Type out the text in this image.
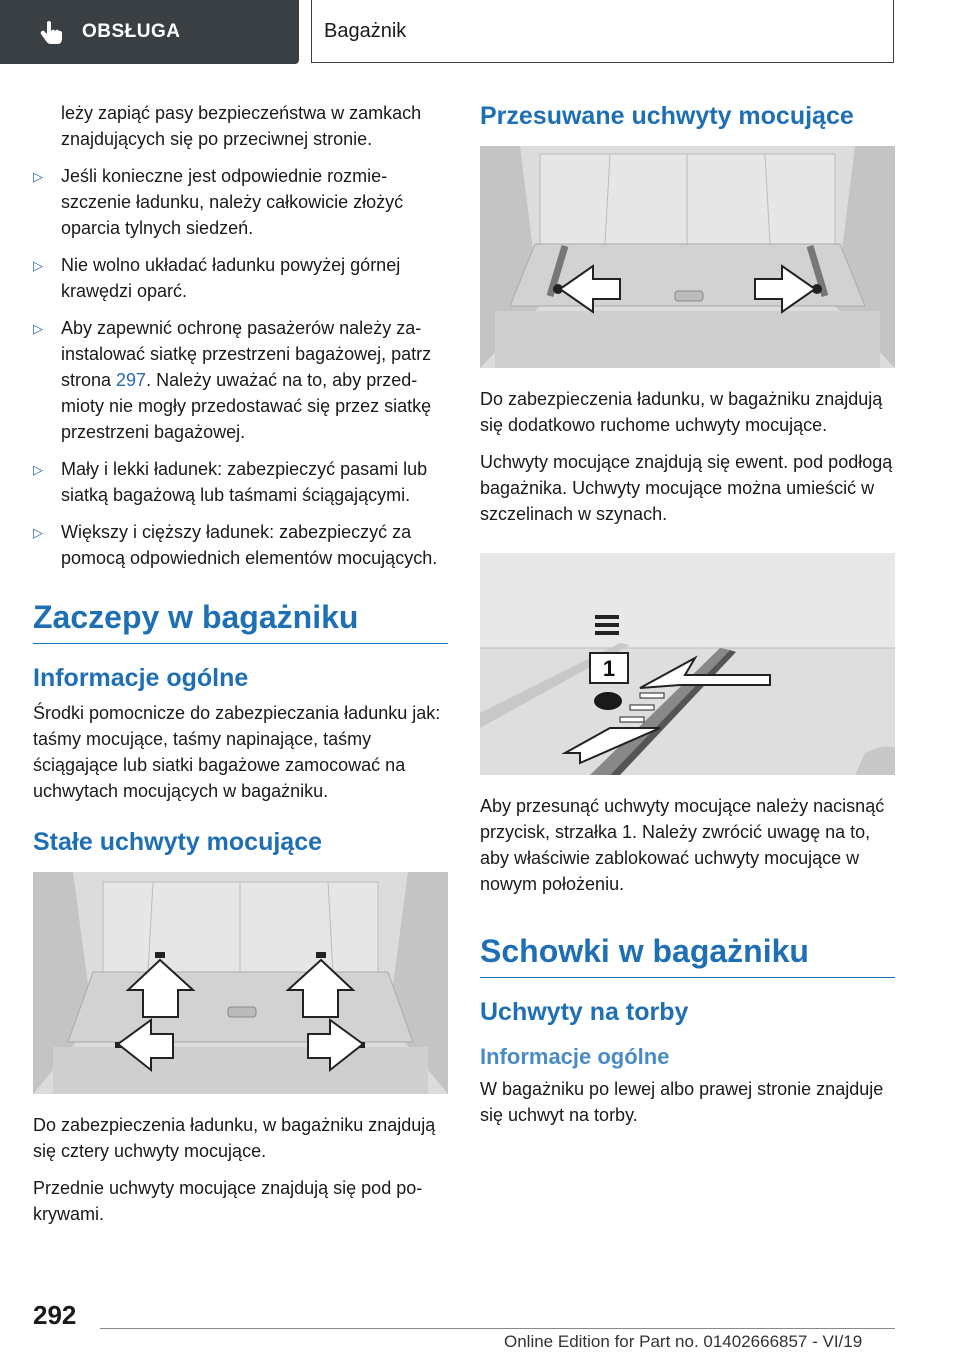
OBSŁUGA	Bagażnik

leży zapiąć pasy bezpieczeństwa w zamkach znajdujących się po przeciwnej stronie.

▷ Jeśli konieczne jest odpowiednie rozmieszczenie ładunku, należy całkowicie złożyć oparcia tylnych siedzeń.
▷ Nie wolno układać ładunku powyżej górnej krawędzi oparć.
▷ Aby zapewnić ochronę pasażerów należy zainstalować siatkę przestrzeni bagażowej, patrz strona 297. Należy uważać na to, aby przedmioty nie mogły przedostawać się przez siatkę przestrzeni bagażowej.
▷ Mały i lekki ładunek: zabezpieczyć pasami lub siatką bagażową lub taśmami ściągającymi.
▷ Większy i cięższy ładunek: zabezpieczyć za pomocą odpowiednich elementów mocujących.
Zaczepy w bagażniku
Informacje ogólne

Środki pomocnicze do zabezpieczania ładunku jak: taśmy mocujące, taśmy napinające, taśmy ściągające lub siatki bagażowe zamocować na uchwytach mocujących w bagażniku.

Stałe uchwyty mocujące

Do zabezpieczenia ładunku, w bagażniku znajdują się cztery uchwyty mocujące.

Przednie uchwyty mocujące znajdują się pod pokrywami.

Przesuwane uchwyty mocujące

Do zabezpieczenia ładunku, w bagażniku znajdują się dodatkowo ruchome uchwyty mocujące.

Uchwyty mocujące znajdują się ewent. pod podłogą bagażnika. Uchwyty mocujące można umieścić w szczelinach w szynach.

1

Aby przesunąć uchwyty mocujące należy nacisnąć przycisk, strzałka 1. Należy zwrócić uwagę na to, aby właściwie zablokować uchwyty mocujące w nowym położeniu.

Schowki w bagażniku
Uchwyty na torby
Informacje ogólne

W bagażniku po lewej albo prawej stronie znajduje się uchwyt na torby.

292
Online Edition for Part no. 01402666857 - VI/19
